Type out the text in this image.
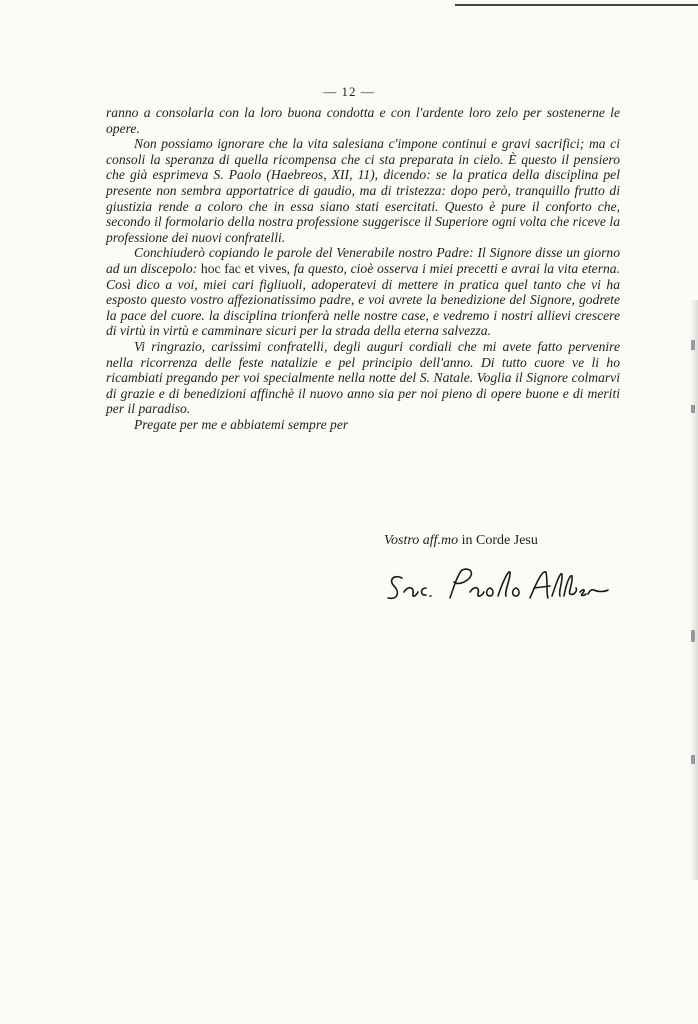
— 12 —

ranno a consolarla con la loro buona condotta e con l'ardente loro zelo per sostenerne le opere.

Non possiamo ignorare che la vita salesiana c'impone continui e gravi sacrifici; ma ci consoli la speranza di quella ricompensa che ci sta preparata in cielo. È questo il pensiero che già esprimeva S. Paolo (Haebreos, XII, 11), dicendo: se la pratica della disciplina pel presente non sembra apportatrice di gaudio, ma di tristezza: dopo però, tranquillo frutto di giustizia rende a coloro che in essa siano stati esercitati. Questo è pure il conforto che, secondo il formolario della nostra professione suggerisce il Superiore ogni volta che riceve la professione dei nuovi confratelli.

Conchiuderò copiando le parole del Venerabile nostro Padre: Il Signore disse un giorno ad un discepolo: hoc fac et vives, fa questo, cioè osserva i miei precetti e avrai la vita eterna. Così dico a voi, miei cari figliuoli, adoperatevi di mettere in pratica quel tanto che vi ha esposto questo vostro affezionatissimo padre, e voi avrete la benedizione del Signore, godrete la pace del cuore. la disciplina trionferà nelle nostre case, e vedremo i nostri allievi crescere di virtù in virtù e camminare sicuri per la strada della eterna salvezza.

Vi ringrazio, carissimi confratelli, degli auguri cordiali che mi avete fatto pervenire nella ricorrenza delle feste natalizie e pel principio dell'anno. Di tutto cuore ve li ho ricambiati pregando per voi specialmente nella notte del S. Natale. Voglia il Signore colmarvi di grazie e di benedizioni affinchè il nuovo anno sia per noi pieno di opere buone e di meriti per il paradiso.

Pregate per me e abbiatemi sempre per

Vostro aff.mo in Corde Jesu
